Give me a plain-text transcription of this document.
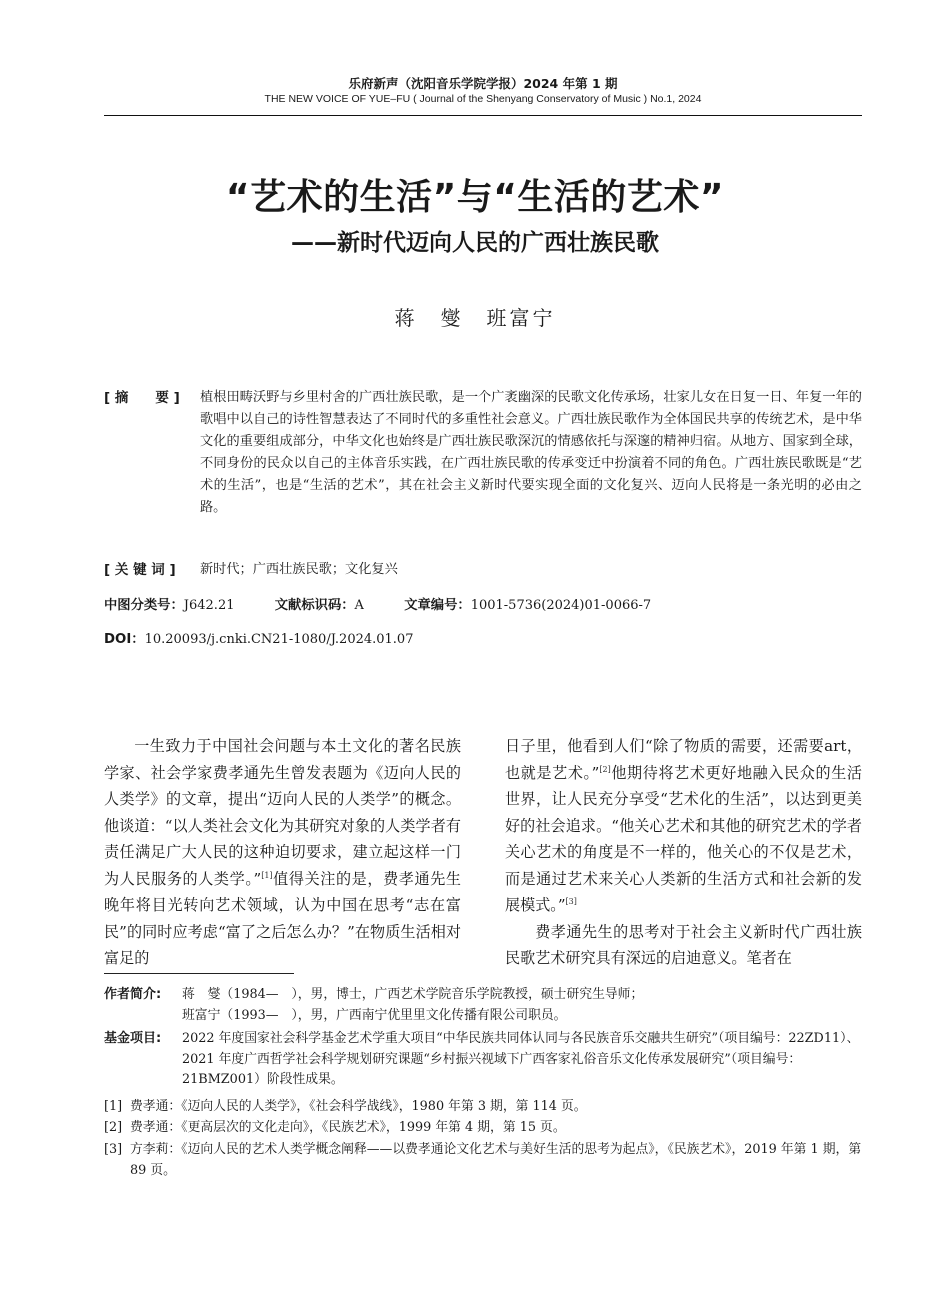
乐府新声（沈阳音乐学院学报）2024 年第 1 期
THE NEW VOICE OF YUE–FU ( Journal of the Shenyang Conservatory of Music ) No.1, 2024
“艺术的生活”与“生活的艺术”
——新时代迈向人民的广西壮族民歌
蒋　燮　班富宁
[ 摘　　要 ]	植根田畴沃野与乡里村舍的广西壮族民歌，是一个广袤幽深的民歌文化传承场，壮家儿女在日复一日、年复一年的歌唱中以自己的诗性智慧表达了不同时代的多重性社会意义。广西壮族民歌作为全体国民共享的传统艺术，是中华文化的重要组成部分，中华文化也始终是广西壮族民歌深沉的情感依托与深邃的精神归宿。从地方、国家到全球，不同身份的民众以自己的主体音乐实践，在广西壮族民歌的传承变迁中扮演着不同的角色。广西壮族民歌既是“艺术的生活”，也是“生活的艺术”，其在社会主义新时代要实现全面的文化复兴、迈向人民将是一条光明的必由之路。
[ 关 键 词 ]	新时代；广西壮族民歌；文化复兴
中图分类号：J642.21	文献标识码：A	文章编号：1001-5736(2024)01-0066-7
DOI：10.20093/j.cnki.CN21-1080/J.2024.01.07

一生致力于中国社会问题与本土文化的著名民族学家、社会学家费孝通先生曾发表题为《迈向人民的人类学》的文章，提出“迈向人民的人类学”的概念。他谈道：“以人类社会文化为其研究对象的人类学者有责任满足广大人民的这种迫切要求，建立起这样一门为人民服务的人类学。”[1]值得关注的是，费孝通先生晚年将目光转向艺术领域，认为中国在思考“志在富民”的同时应考虑“富了之后怎么办？”在物质生活相对富足的

日子里，他看到人们“除了物质的需要，还需要art，也就是艺术。”[2]他期待将艺术更好地融入民众的生活世界，让人民充分享受“艺术化的生活”，以达到更美好的社会追求。“他关心艺术和其他的研究艺术的学者关心艺术的角度是不一样的，他关心的不仅是艺术，而是通过艺术来关心人类新的生活方式和社会新的发展模式。”[3]

费孝通先生的思考对于社会主义新时代广西壮族民歌艺术研究具有深远的启迪意义。笔者在

作者简介: 蒋　燮（1984—　），男，博士，广西艺术学院音乐学院教授，硕士研究生导师；
班富宁（1993—　），男，广西南宁优里里文化传播有限公司职员。
基金项目: 2022 年度国家社会科学基金艺术学重大项目“中华民族共同体认同与各民族音乐交融共生研究”（项目编号：22ZD11）、2021 年度广西哲学社会科学规划研究课题“乡村振兴视域下广西客家礼俗音乐文化传承发展研究”（项目编号：21BMZ001）阶段性成果。
[1] 费孝通：《迈向人民的人类学》，《社会科学战线》，1980 年第 3 期，第 114 页。
[2] 费孝通：《更高层次的文化走向》，《民族艺术》，1999 年第 4 期，第 15 页。
[3] 方李莉：《迈向人民的艺术人类学概念阐释——以费孝通论文化艺术与美好生活的思考为起点》，《民族艺术》，2019 年第 1 期，第 89 页。
